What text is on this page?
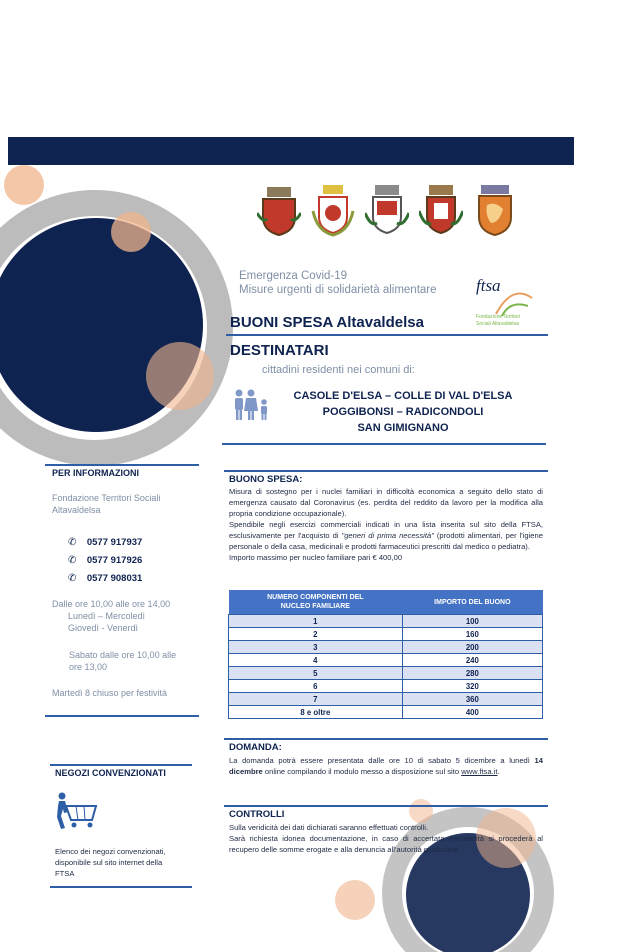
Emergenza Covid-19
Misure urgenti di solidarietà alimentare ftsa
Fondazione Territori
Sociali Altavaldelsa
BUONI SPESA Altavaldelsa
DESTINATARI
cittadini residenti nei comuni di:
CASOLE D'ELSA – COLLE DI VAL D'ELSA
POGGIBONSI – RADICONDOLI
SAN GIMIGNANO
PER INFORMAZIONI
Fondazione Territori Sociali
Altavaldelsa
✆ 0577 917937
✆ 0577 917926
✆ 0577 908031
Dalle ore 10,00 alle ore 14,00
Lunedì – Mercoledì
Giovedì - Venerdì
Sabato dalle ore 10,00 alle
ore 13,00
Martedì 8 chiuso per festività
NEGOZI CONVENZIONATI
Elenco dei negozi convenzionati,
disponibile sul sito internet della
FTSA
BUONO SPESA:
Misura di sostegno per i nuclei familiari in difficoltà economica a seguito dello stato di emergenza causato dal Coronavirus (es. perdita del reddito da lavoro per la modifica alla propria condizione occupazionale).
Spendibile negli esercizi commerciali indicati in una lista inserita sul sito della FTSA, esclusivamente per l'acquisto di "generi di prima necessità" (prodotti alimentari, per l'igiene personale o della casa, medicinali e prodotti farmaceutici prescritti dal medico o pediatra).
Importo massimo per nucleo familiare pari € 400,00
NUMERO COMPONENTI DEL
NUCLEO FAMILIARE	IMPORTO DEL BUONO
1	100
2	160
3	200
4	240
5	280
6	320
7	360
8 e oltre	400
DOMANDA:
La domanda potrà essere presentata dalle ore 10 di sabato 5 dicembre a lunedì 14 dicembre online compilando il modulo messo a disposizione sul sito www.ftsa.it.
CONTROLLI
Sulla veridicità dei dati dichiarati saranno effettuati controlli.
Sarà richiesta idonea documentazione, in caso di accertata mendacità si procederà al recupero delle somme erogate e alla denuncia all'autorità giudiziaria.
